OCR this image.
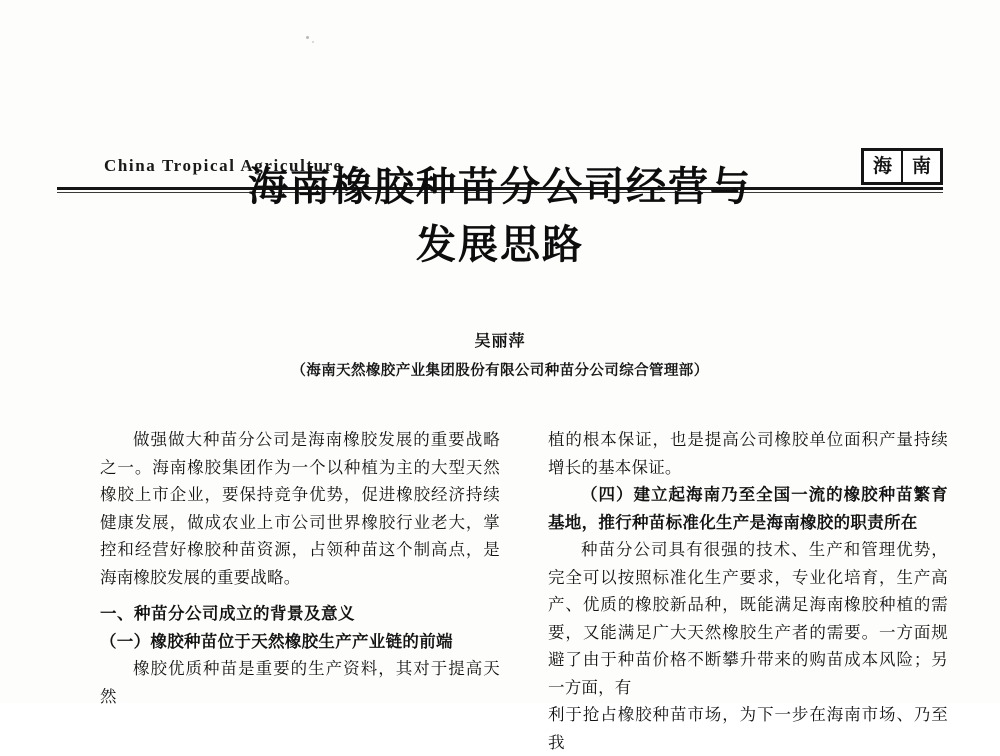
China Tropical Agriculture	海	南
海南橡胶种苗分公司经营与
发展思路
吴丽萍
（海南天然橡胶产业集团股份有限公司种苗分公司综合管理部）

做强做大种苗分公司是海南橡胶发展的重要战略之一。海南橡胶集团作为一个以种植为主的大型天然橡胶上市企业，要保持竞争优势，促进橡胶经济持续健康发展，做成农业上市公司世界橡胶行业老大，掌控和经营好橡胶种苗资源，占领种苗这个制高点，是海南橡胶发展的重要战略。

一、种苗分公司成立的背景及意义

（一）橡胶种苗位于天然橡胶生产产业链的前端

橡胶优质种苗是重要的生产资料，其对于提高天然

植的根本保证，也是提高公司橡胶单位面积产量持续增长的基本保证。

（四）建立起海南乃至全国一流的橡胶种苗繁育基地，推行种苗标准化生产是海南橡胶的职责所在

种苗分公司具有很强的技术、生产和管理优势，完全可以按照标准化生产要求，专业化培育，生产高产、优质的橡胶新品种，既能满足海南橡胶种植的需要，又能满足广大天然橡胶生产者的需要。一方面规避了由于种苗价格不断攀升带来的购苗成本风险；另一方面，有

利于抢占橡胶种苗市场，为下一步在海南市场、乃至我
